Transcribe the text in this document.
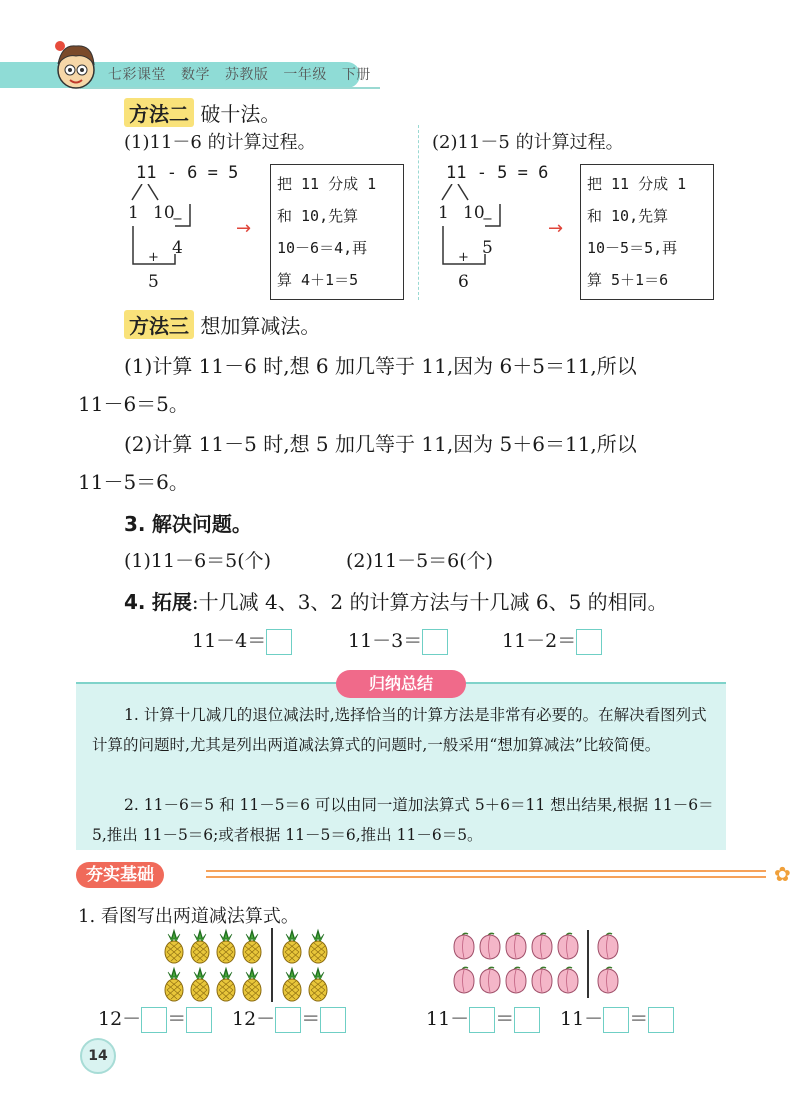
七彩课堂 数学 苏教版 一年级 下册
方法二 破十法。
(1)11－6 的计算过程。	(2)11－5 的计算过程。
11 - 6 = 5
1 10
−
4
+
5
→
把 11 分成 1
和 10,先算
10－6＝4,再
算 4＋1＝5
11 - 5 = 6
1 10
−
5
+
6
→
把 11 分成 1
和 10,先算
10－5＝5,再
算 5＋1＝6
方法三 想加算减法。
(1)计算 11－6 时,想 6 加几等于 11,因为 6＋5＝11,所以
11－6＝5。
(2)计算 11－5 时,想 5 加几等于 11,因为 5＋6＝11,所以
11－5＝6。
3. 解决问题。
(1)11－6＝5(个)	(2)11－5＝6(个)
4. 拓展:十几减 4、3、2 的计算方法与十几减 6、5 的相同。
11－4＝	11－3＝	11－2＝
归纳总结

1. 计算十几减几的退位减法时,选择恰当的计算方法是非常有必要的。在解决看图列式计算的问题时,尤其是列出两道减法算式的问题时,一般采用“想加算减法”比较简便。

2. 11－6＝5 和 11－5＝6 可以由同一道加法算式 5＋6＝11 想出结果,根据 11－6＝5,推出 11－5＝6;或者根据 11－5＝6,推出 11－6＝5。

夯实基础	✿
1. 看图写出两道减法算式。
12－ ＝	12－ ＝	11－ ＝	11－ ＝
14
